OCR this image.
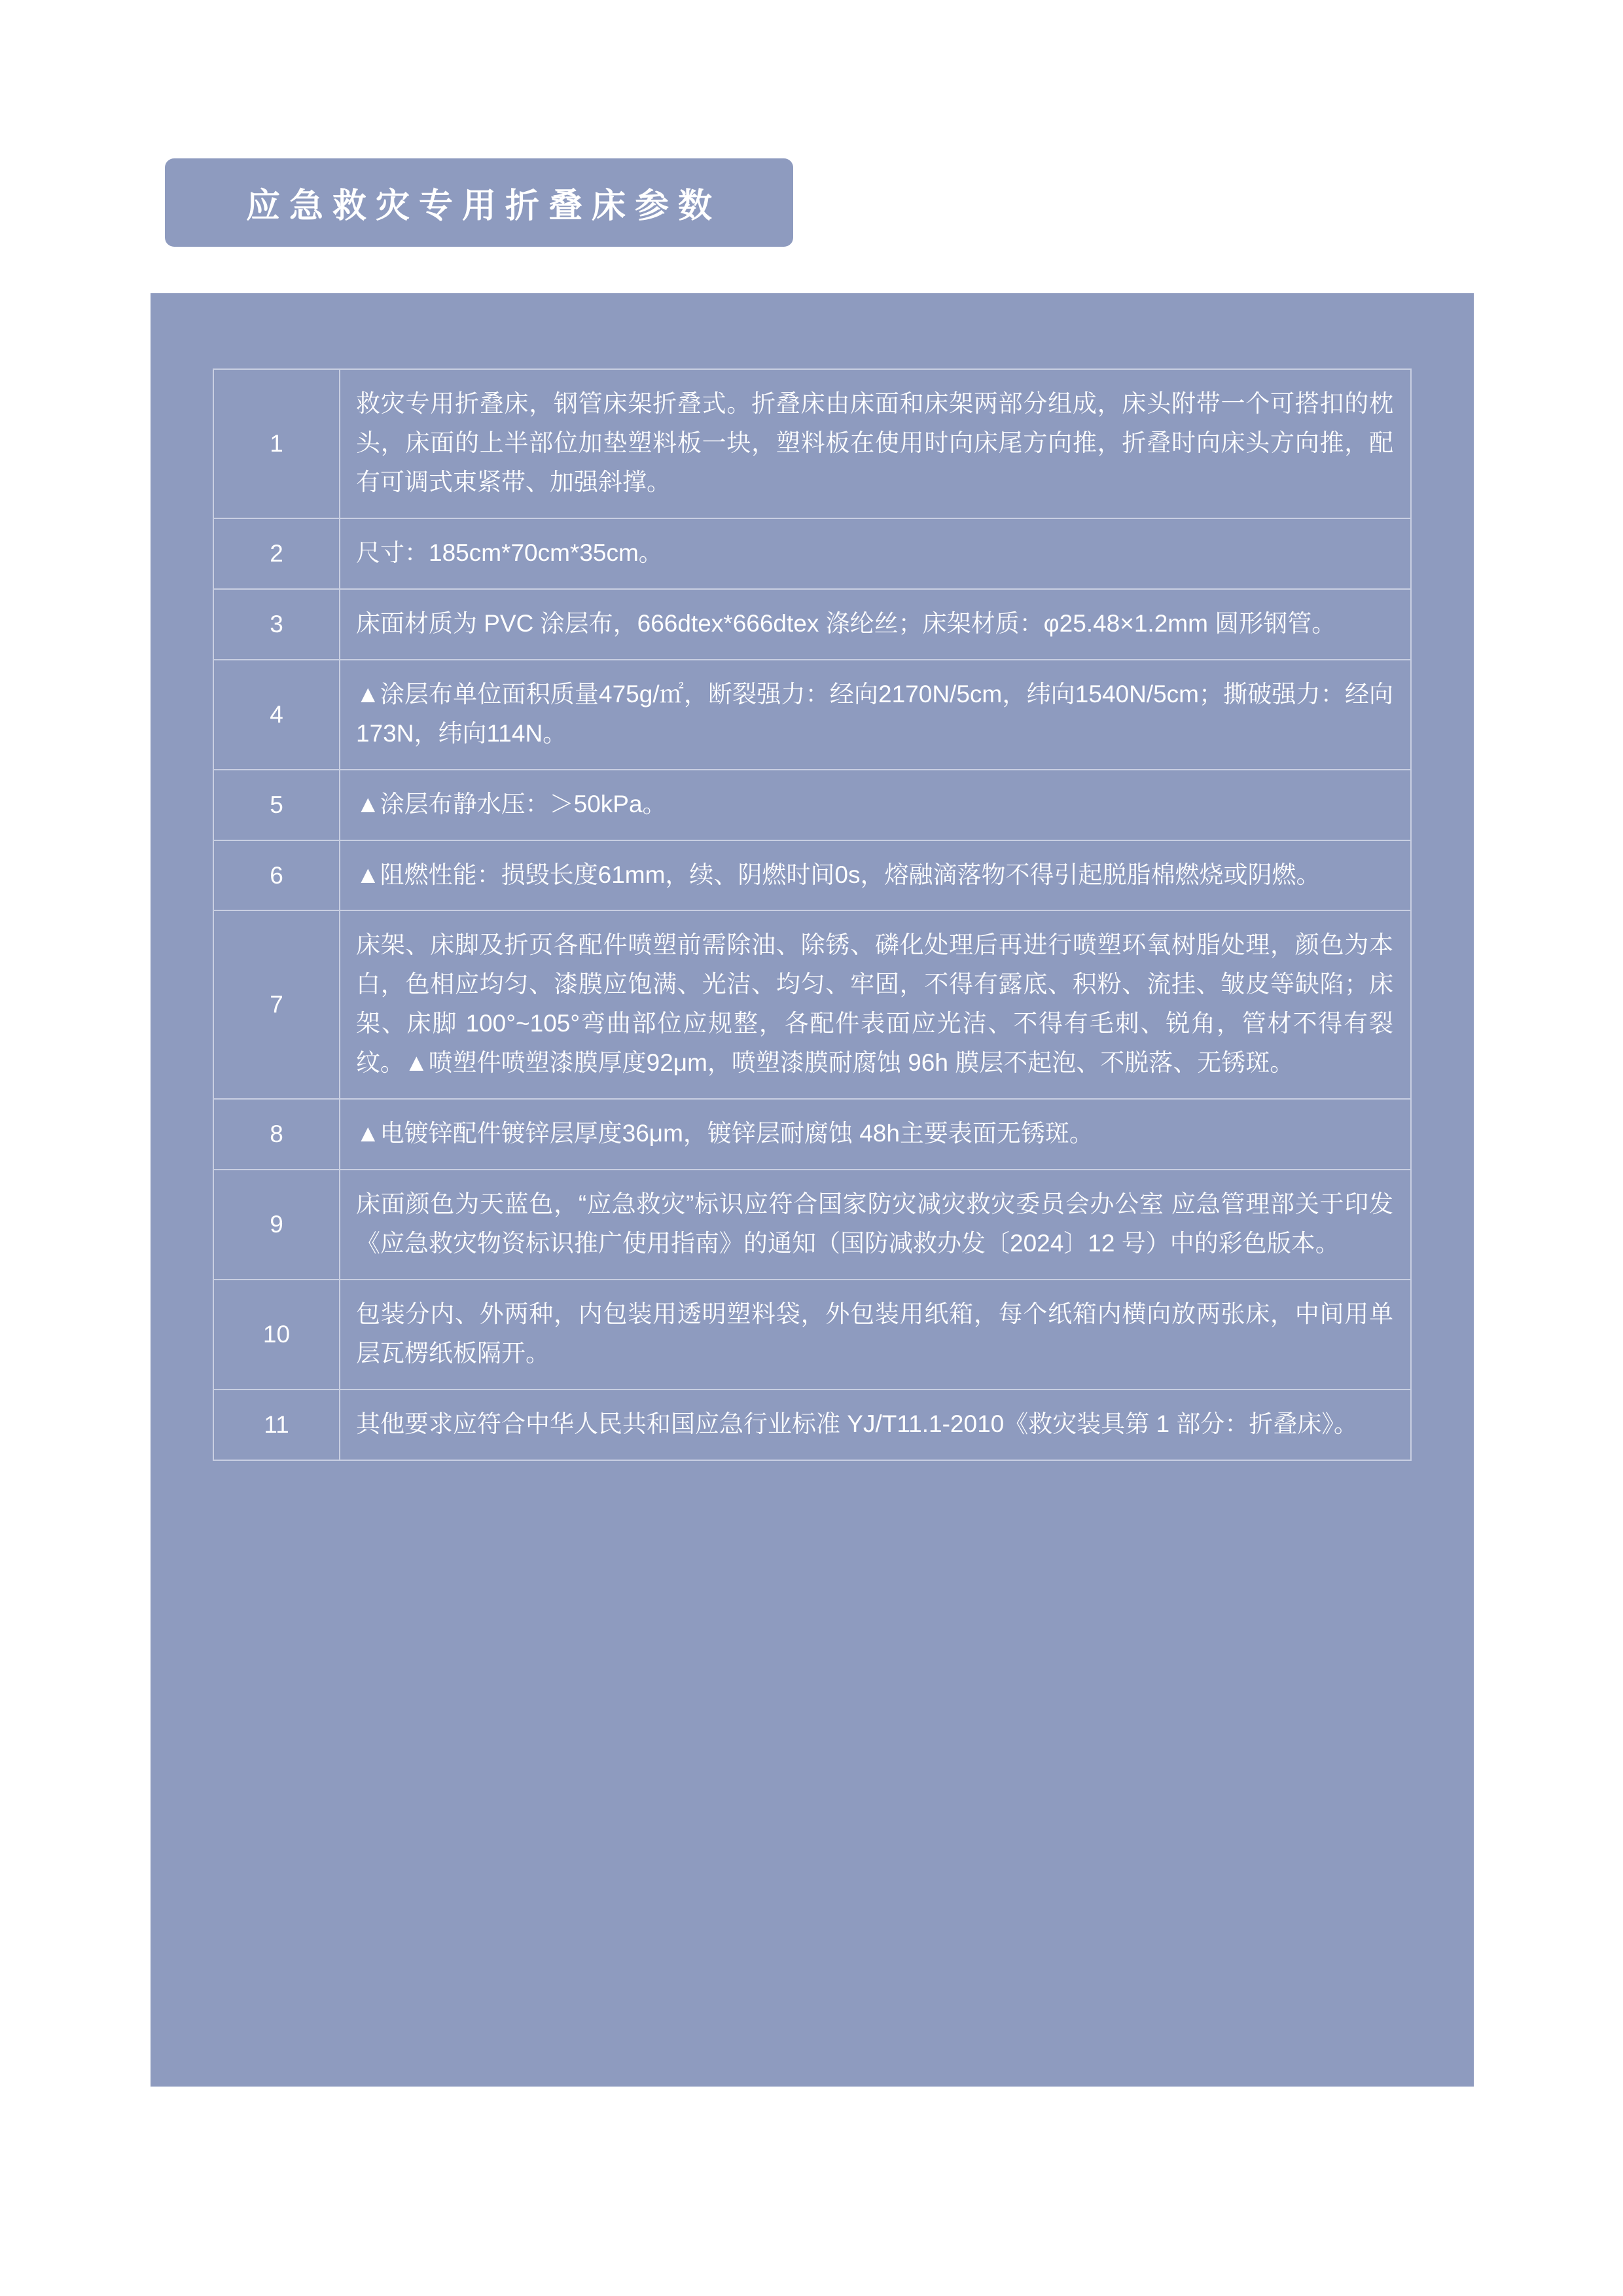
应急救灾专用折叠床参数
1	救灾专用折叠床，钢管床架折叠式。折叠床由床面和床架两部分组成，床头附带一个可搭扣的枕头，床面的上半部位加垫塑料板一块，塑料板在使用时向床尾方向推，折叠时向床头方向推，配有可调式束紧带、加强斜撑。
2	尺寸：185cm*70cm*35cm。
3	床面材质为 PVC 涂层布，666dtex*666dtex 涤纶丝；床架材质：φ25.48×1.2mm 圆形钢管。
4	▲涂层布单位面积质量475g/㎡，断裂强力：经向2170N/5cm，纬向1540N/5cm；撕破强力：经向173N，纬向114N。
5	▲涂层布静水压：＞50kPa。
6	▲阻燃性能：损毁长度61mm，续、阴燃时间0s，熔融滴落物不得引起脱脂棉燃烧或阴燃。
7	床架、床脚及折页各配件喷塑前需除油、除锈、磷化处理后再进行喷塑环氧树脂处理，颜色为本白，色相应均匀、漆膜应饱满、光洁、均匀、牢固，不得有露底、积粉、流挂、皱皮等缺陷；床架、床脚 100°~105°弯曲部位应规整，各配件表面应光洁、不得有毛刺、锐角，管材不得有裂纹。▲喷塑件喷塑漆膜厚度92μm，喷塑漆膜耐腐蚀 96h 膜层不起泡、不脱落、无锈斑。
8	▲电镀锌配件镀锌层厚度36μm，镀锌层耐腐蚀 48h主要表面无锈斑。
9	床面颜色为天蓝色，“应急救灾”标识应符合国家防灾减灾救灾委员会办公室 应急管理部关于印发《应急救灾物资标识推广使用指南》的通知（国防减救办发〔2024〕12 号）中的彩色版本。
10	包装分内、外两种，内包装用透明塑料袋，外包装用纸箱，每个纸箱内横向放两张床，中间用单层瓦楞纸板隔开。
11	其他要求应符合中华人民共和国应急行业标准 YJ/T11.1-2010《救灾装具第 1 部分：折叠床》。
